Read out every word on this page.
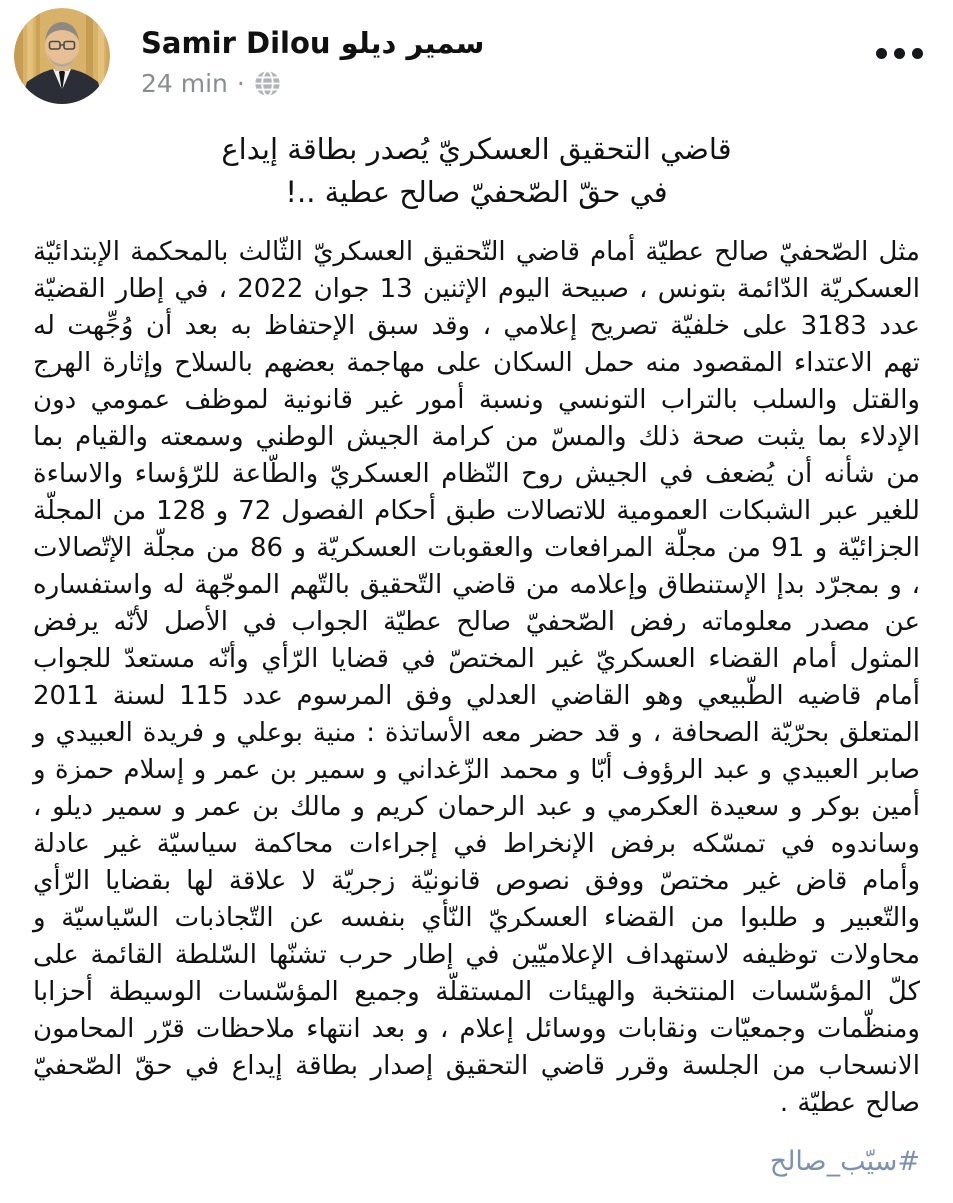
Samir Dilou سمير ديلو
24 min ·
قاضي التحقيق العسكريّ يُصدر بطاقة إيداع
في حقّ الصّحفيّ صالح عطية ..!
مثل الصّحفيّ صالح عطيّة أمام قاضي التّحقيق العسكريّ الثّالث بالمحكمة الإبتدائيّة العسكريّة الدّائمة بتونس ، صبيحة اليوم الإثنين 13 جوان 2022 ، في إطار القضيّة عدد 3183 على خلفيّة تصريح إعلامي ، وقد سبق الإحتفاظ به بعد أن وُجِّهت له تهم الاعتداء المقصود منه حمل السكان على مهاجمة بعضهم بالسلاح وإثارة الهرج والقتل والسلب بالتراب التونسي ونسبة أمور غير قانونية لموظف عمومي دون الإدلاء بما يثبت صحة ذلك والمسّ من كرامة الجيش الوطني وسمعته والقيام بما من شأنه أن يُضعف في الجيش روح النّظام العسكريّ والطّاعة للرّؤساء والاساءة للغير عبر الشبكات العمومية للاتصالات طبق أحكام الفصول 72 و 128 من المجلّة الجزائيّة و 91 من مجلّة المرافعات والعقوبات العسكريّة و 86 من مجلّة الإتّصالات ، و بمجرّد بدإ الإستنطاق وإعلامه من قاضي التّحقيق بالتّهم الموجّهة له واستفساره عن مصدر معلوماته رفض الصّحفيّ صالح عطيّة الجواب في الأصل لأنّه يرفض المثول أمام القضاء العسكريّ غير المختصّ في قضايا الرّأي وأنّه مستعدّ للجواب أمام قاضيه الطّبيعي وهو القاضي العدلي وفق المرسوم عدد 115 لسنة 2011 المتعلق بحرّيّة الصحافة ، و قد حضر معه الأساتذة : منية بوعلي و فريدة العبيدي و صابر العبيدي و عبد الرؤوف أبّا و محمد الزّغداني و سمير بن عمر و إسلام حمزة و أمين بوكر و سعيدة العكرمي و عبد الرحمان كريم و مالك بن عمر و سمير ديلو ، وساندوه في تمسّكه برفض الإنخراط في إجراءات محاكمة سياسيّة غير عادلة وأمام قاض غير مختصّ ووفق نصوص قانونيّة زجريّة لا علاقة لها بقضايا الرّأي والتّعبير و طلبوا من القضاء العسكريّ النّأي بنفسه عن التّجاذبات السّياسيّة و محاولات توظيفه لاستهداف الإعلاميّين في إطار حرب تشنّها السّلطة القائمة على كلّ المؤسّسات المنتخبة والهيئات المستقلّة وجميع المؤسّسات الوسيطة أحزابا ومنظّمات وجمعيّات ونقابات ووسائل إعلام ، و بعد انتهاء ملاحظات قرّر المحامون الانسحاب من الجلسة وقرر قاضي التحقيق إصدار بطاقة إيداع في حقّ الصّحفيّ صالح عطيّة .
#سيّب_صالح
